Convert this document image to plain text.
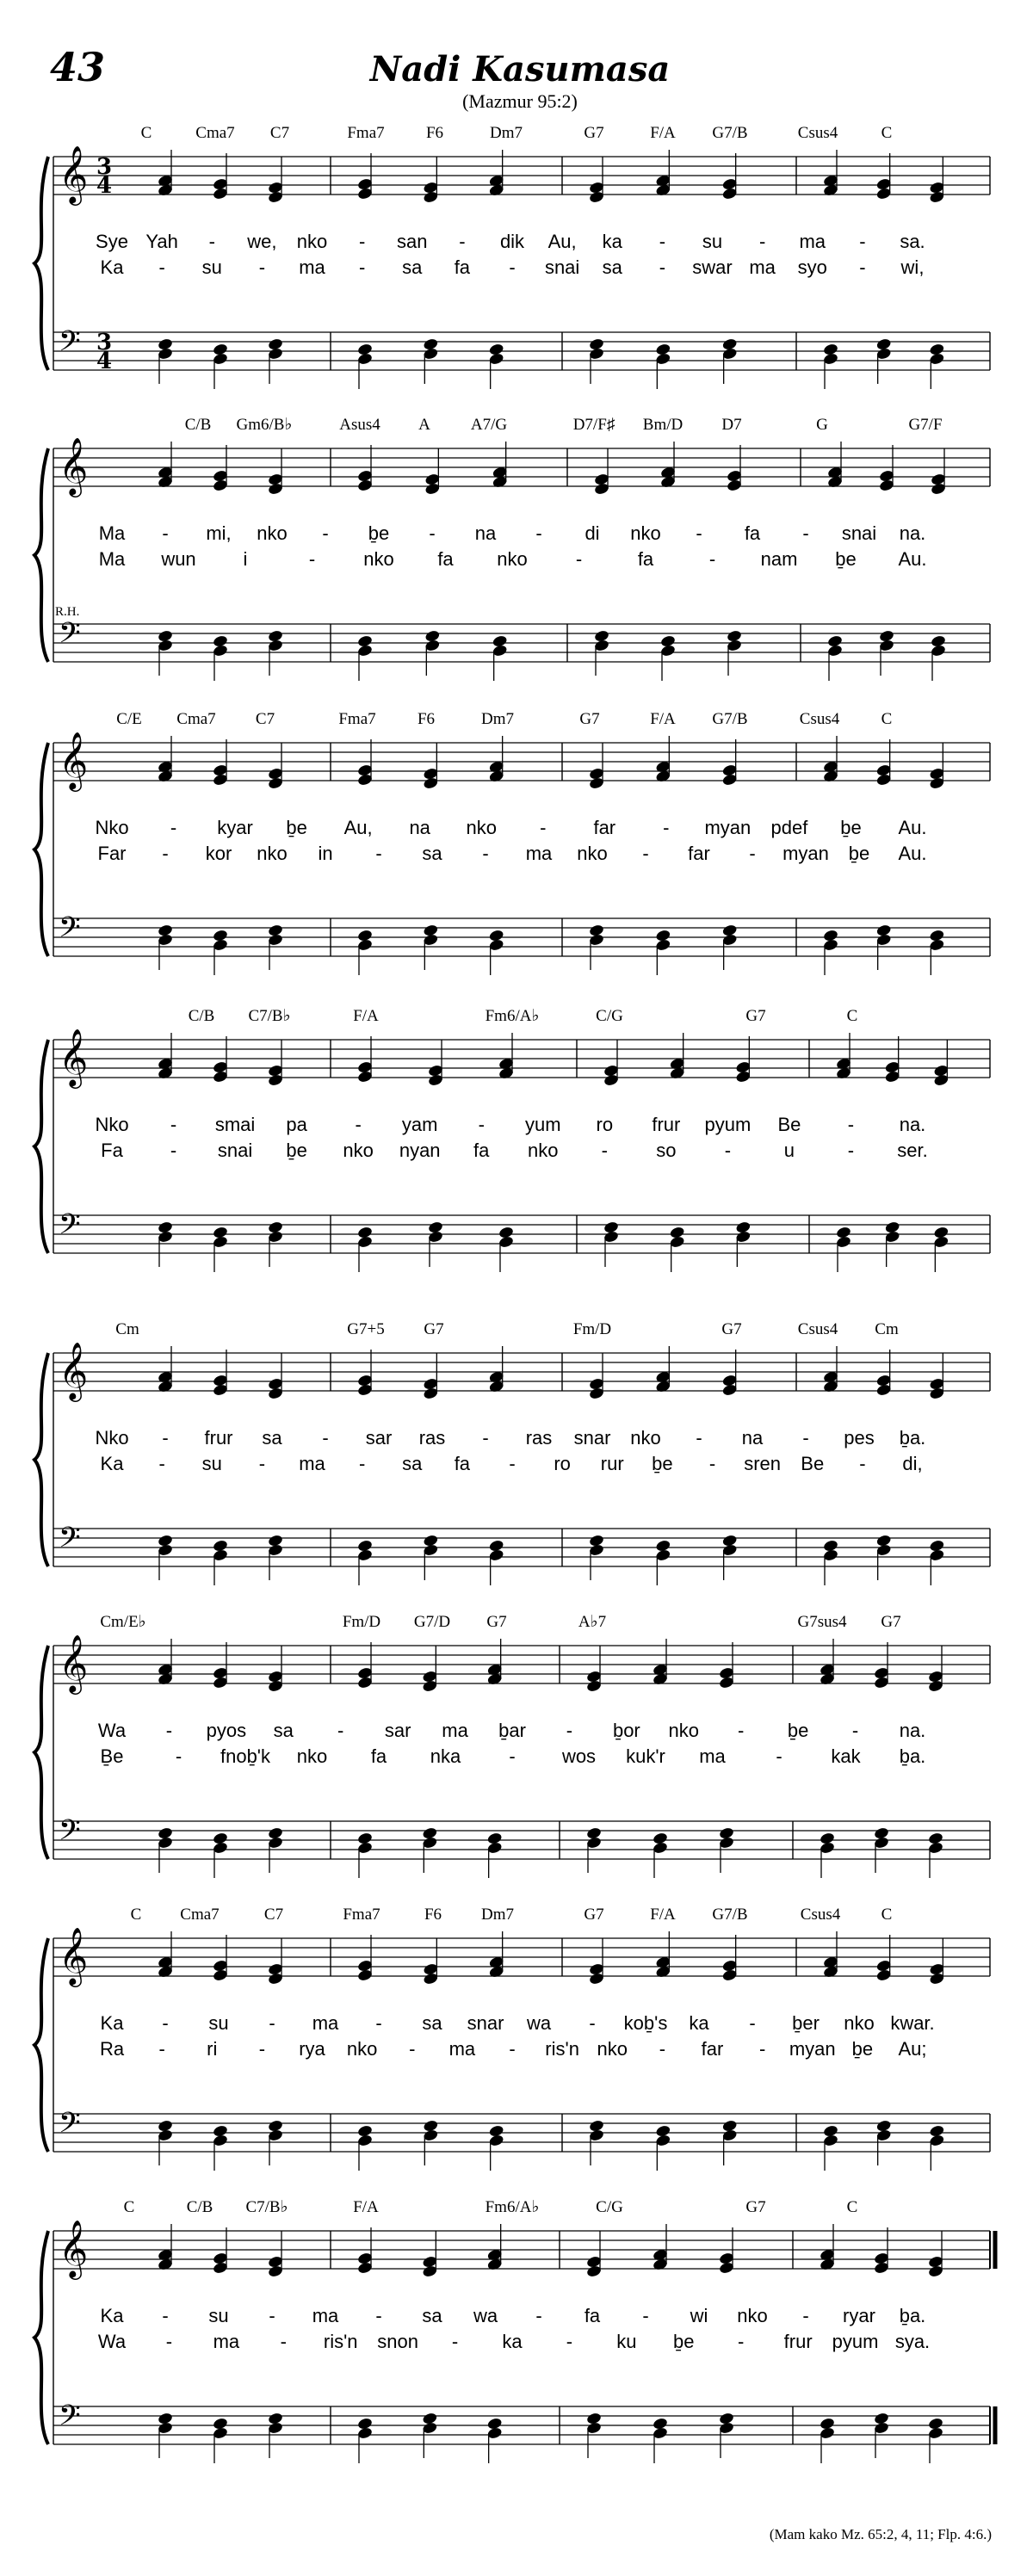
43	Nadi Kasumasa
(Mazmur 95:2)
𝄞 3
4
𝄢 3
4
C	Cma7 C7	Fma7	F6	Dm7	G7	F/A G7/B	Csus4	C
Sye Yah - we, nko - san - dik Au, ka - su - ma - sa.
Ka - su - ma - sa fa - snai sa - swar ma syo - wi,
𝄞
𝄢
C/B Gm6/B♭	Asus4 A A7/G	D7/F♯ Bm/D D7	G	G7/F
R.H.
Ma - mi, nko - ḇe - na - di nko - fa - snai na.
Ma wun i	-	nko fa nko	-	fa	- nam ḇe Au.
𝄞
𝄢
C/E Cma7 C7	Fma7	F6	Dm7	G7	F/A G7/B	Csus4	C
Nko - kyar ḇe Au, na nko -	far	- myan pdef ḇe Au.
Far - kor nko in - sa - ma nko - far - myan ḇe Au.
𝄞
𝄢
C/B C7/B♭	F/A	Fm6/A♭	C/G	G7	C
Nko - smai pa	- yam - yum ro frur pyum Be - na.
Fa	- snai ḇe nko nyan fa nko -	so	-	u	- ser.
𝄞
𝄢
Cm	G7+5 G7	Fm/D	G7	Csus4 Cm
Nko - frur sa - sar ras - ras snar nko - na - pes ḇa.
Ka - su - ma - sa fa - ro rur ḇe - sren Be - di,
𝄞
𝄢
Cm/E♭	Fm/D G7/D G7	A♭7	G7sus4 G7
Wa - pyos sa - sar ma ḇar - ḇor nko - ḇe - na.
Ḇe	- fnoḇ'k nko fa nka	- wos kuk'r ma	-	kak ḇa.
𝄞
𝄢
C Cma7	C7	Fma7	F6 Dm7	G7	F/A G7/B	Csus4 C
Ka - su - ma - sa snar wa - koḇ's ka - ḇer nko kwar.
Ra - ri - rya nko - ma - ris'n nko - far - myan ḇe Au;
𝄞
𝄢
C	C/B C7/B♭	F/A	Fm6/A♭	C/G	G7	C
Ka - su - ma - sa wa - fa - wi nko - ryar ḇa.
Wa - ma - ris'n snon - ka - ku ḇe - frur pyum sya.
(Mam kako Mz. 65:2, 4, 11; Flp. 4:6.)
